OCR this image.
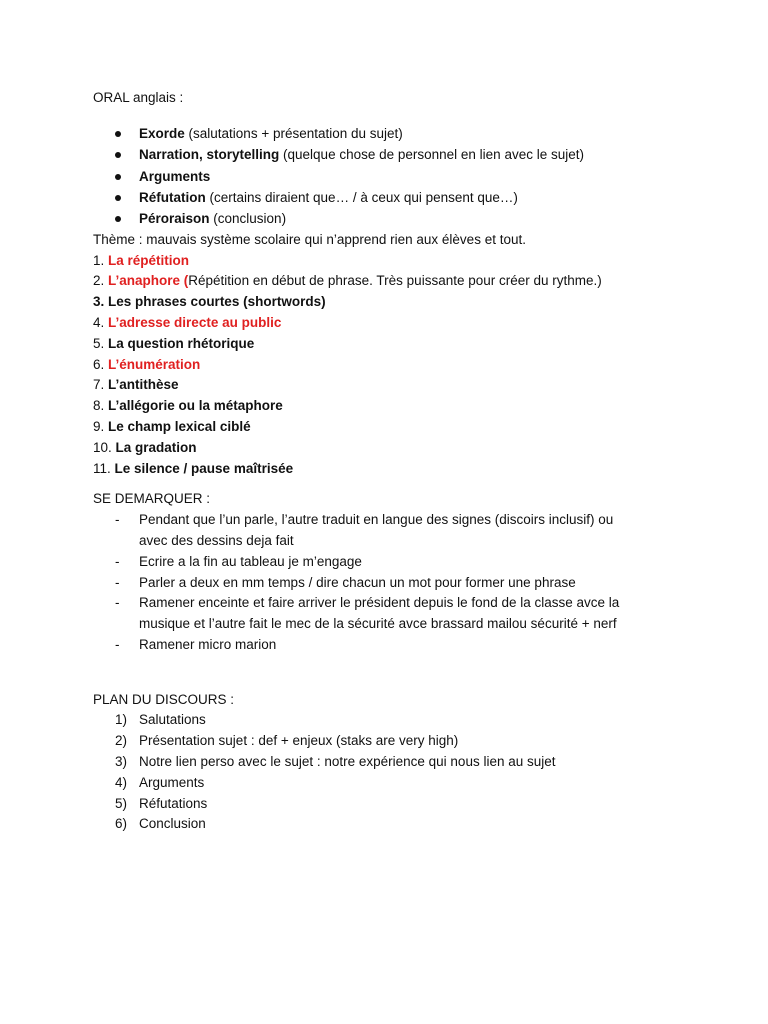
ORAL anglais :
Exorde (salutations + présentation du sujet)
Narration, storytelling (quelque chose de personnel en lien avec le sujet)
Arguments
Réfutation (certains diraient que… / à ceux qui pensent que…)
Péroraison (conclusion)
Thème : mauvais système scolaire qui n’apprend rien aux élèves et tout.
1. La répétition
2. L’anaphore (Répétition en début de phrase. Très puissante pour créer du rythme.)
3. Les phrases courtes (shortwords)
4. L’adresse directe au public
5. La question rhétorique
6. L’énumération
7. L’antithèse
8. L’allégorie ou la métaphore
9. Le champ lexical ciblé
10. La gradation
11. Le silence / pause maîtrisée
SE DEMARQUER :
- Pendant que l’un parle, l’autre traduit en langue des signes (discoirs inclusif) ou
avec des dessins deja fait
- Ecrire a la fin au tableau je m’engage
- Parler a deux en mm temps / dire chacun un mot pour former une phrase
- Ramener enceinte et faire arriver le président depuis le fond de la classe avce la
musique et l’autre fait le mec de la sécurité avce brassard mailou sécurité + nerf
- Ramener micro marion
PLAN DU DISCOURS :
1) Salutations
2) Présentation sujet : def + enjeux (staks are very high)
3) Notre lien perso avec le sujet : notre expérience qui nous lien au sujet
4) Arguments
5) Réfutations
6) Conclusion
